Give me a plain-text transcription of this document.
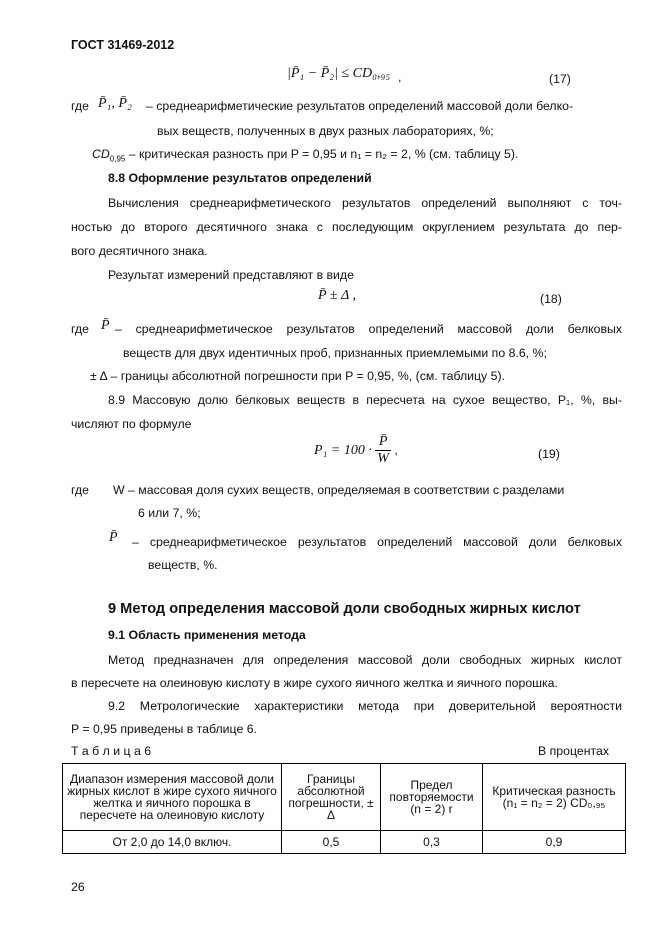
ГОСТ 31469-2012
|P̄₁ − P̄₂| ≤ CD₀,₉₅ ,	(17)
где P̄₁, P̄₂ – среднеарифметические результатов определений массовой доли белко-
вых веществ, полученных в двух разных лабораториях, %;
$CD_{0,95}$ – критическая разность при P = 0,95 и n₁ = n₂ = 2, % (см. таблицу 5).
8.8 Оформление результатов определений
Вычисления среднеарифметического результатов определений выполняют с точ-
ностью до второго десятичного знака с последующим округлением результата до пер-
вого десятичного знака.
Результат измерений представляют в виде
P̄ ± Δ ,	(18)
где P̄ – среднеарифметическое результатов определений массовой доли белковых
веществ для двух идентичных проб, признанных приемлемыми по 8.6, %;
± Δ – границы абсолютной погрешности при P = 0,95, %, (см. таблицу 5).
8.9 Массовую долю белковых веществ в пересчета на сухое вещество, P₁, %, вы-
числяют по формуле
$P_1 = 100 \cdot \frac{P̄}{W}$ ,	(19)
где W – массовая доля сухих веществ, определяемая в соответствии с разделами
6 или 7, %;
P̄ – среднеарифметическое результатов определений массовой доли белковых
веществ, %.
9 Метод определения массовой доли свободных жирных кислот
9.1 Область применения метода
Метод предназначен для определения массовой доли свободных жирных кислот
в пересчете на олеиновую кислоту в жире сухого яичного желтка и яичного порошка.
9.2 Метрологические характеристики метода при доверительной вероятности
P = 0,95 приведены в таблице 6.
Т а б л и ц а 6	В процентах
Диапазон измерения массовой доли жирных кислот в жире сухого яичного желтка и яичного порошка в пересчете на олеиновую кислоту	Границы абсолютной погрешности, ± Δ	Предел повторяемости (n = 2) r	Критическая разность (n₁ = n₂ = 2) CD₀,₉₅
От 2,0 до 14,0 включ.	0,5	0,3	0,9
26
